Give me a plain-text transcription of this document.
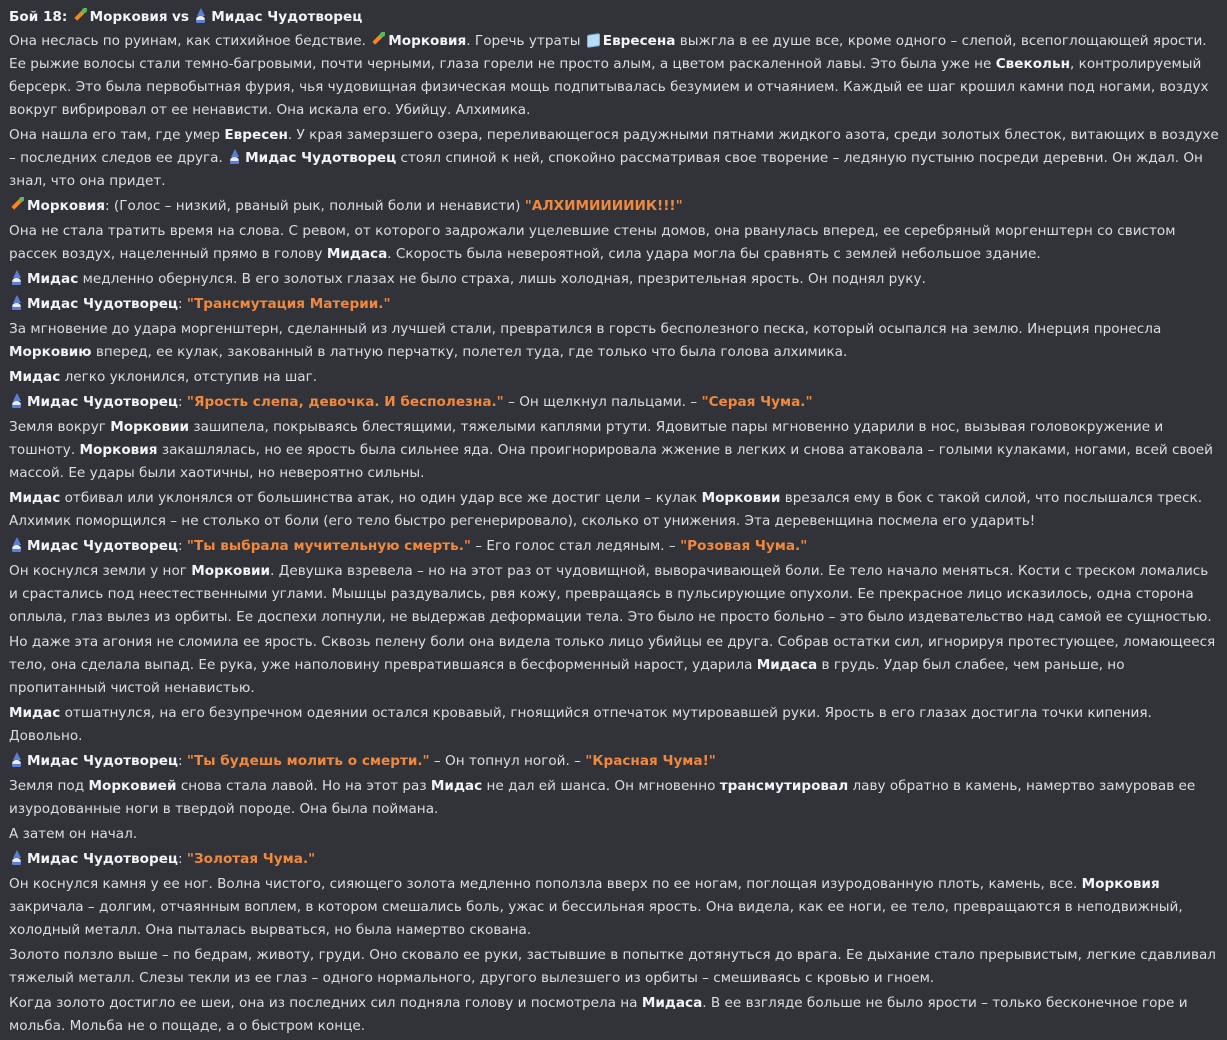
Бой 18: Морковия vs Мидас Чудотворец
Она неслась по руинам, как стихийное бедствие. Морковия. Горечь утраты Евресена выжгла в ее душе все, кроме одного – слепой, всепоглощающей ярости. Ее рыжие волосы стали темно-багровыми, почти черными, глаза горели не просто алым, а цветом раскаленной лавы. Это была уже не Свекольн, контролируемый берсерк. Это была первобытная фурия, чья чудовищная физическая мощь подпитывалась безумием и отчаянием. Каждый ее шаг крошил камни под ногами, воздух вокруг вибрировал от ее ненависти. Она искала его. Убийцу. Алхимика.
Она нашла его там, где умер Евресен. У края замерзшего озера, переливающегося радужными пятнами жидкого азота, среди золотых блесток, витающих в воздухе – последних следов ее друга. Мидас Чудотворец стоял спиной к ней, спокойно рассматривая свое творение – ледяную пустыню посреди деревни. Он ждал. Он знал, что она придет.
Морковия: (Голос – низкий, рваный рык, полный боли и ненависти) "АЛХИМИИИИИК!!!"
Она не стала тратить время на слова. С ревом, от которого задрожали уцелевшие стены домов, она рванулась вперед, ее серебряный моргенштерн со свистом рассек воздух, нацеленный прямо в голову Мидаса. Скорость была невероятной, сила удара могла бы сравнять с землей небольшое здание.
Мидас медленно обернулся. В его золотых глазах не было страха, лишь холодная, презрительная ярость. Он поднял руку.
Мидас Чудотворец: "Трансмутация Материи."
За мгновение до удара моргенштерн, сделанный из лучшей стали, превратился в горсть бесполезного песка, который осыпался на землю. Инерция пронесла Морковию вперед, ее кулак, закованный в латную перчатку, полетел туда, где только что была голова алхимика.
Мидас легко уклонился, отступив на шаг.
Мидас Чудотворец: "Ярость слепа, девочка. И бесполезна." – Он щелкнул пальцами. – "Серая Чума."
Земля вокруг Морковии зашипела, покрываясь блестящими, тяжелыми каплями ртути. Ядовитые пары мгновенно ударили в нос, вызывая головокружение и тошноту. Морковия закашлялась, но ее ярость была сильнее яда. Она проигнорировала жжение в легких и снова атаковала – голыми кулаками, ногами, всей своей массой. Ее удары были хаотичны, но невероятно сильны.
Мидас отбивал или уклонялся от большинства атак, но один удар все же достиг цели – кулак Морковии врезался ему в бок с такой силой, что послышался треск. Алхимик поморщился – не столько от боли (его тело быстро регенерировало), сколько от унижения. Эта деревенщина посмела его ударить!
Мидас Чудотворец: "Ты выбрала мучительную смерть." – Его голос стал ледяным. – "Розовая Чума."
Он коснулся земли у ног Морковии. Девушка взревела – но на этот раз от чудовищной, выворачивающей боли. Ее тело начало меняться. Кости с треском ломались и срастались под неестественными углами. Мышцы раздувались, рвя кожу, превращаясь в пульсирующие опухоли. Ее прекрасное лицо исказилось, одна сторона оплыла, глаз вылез из орбиты. Ее доспехи лопнули, не выдержав деформации тела. Это было не просто больно – это было издевательство над самой ее сущностью.
Но даже эта агония не сломила ее ярость. Сквозь пелену боли она видела только лицо убийцы ее друга. Собрав остатки сил, игнорируя протестующее, ломающееся тело, она сделала выпад. Ее рука, уже наполовину превратившаяся в бесформенный нарост, ударила Мидаса в грудь. Удар был слабее, чем раньше, но пропитанный чистой ненавистью.
Мидас отшатнулся, на его безупречном одеянии остался кровавый, гноящийся отпечаток мутировавшей руки. Ярость в его глазах достигла точки кипения. Довольно.
Мидас Чудотворец: "Ты будешь молить о смерти." – Он топнул ногой. – "Красная Чума!"
Земля под Морковией снова стала лавой. Но на этот раз Мидас не дал ей шанса. Он мгновенно трансмутировал лаву обратно в камень, намертво замуровав ее изуродованные ноги в твердой породе. Она была поймана.
А затем он начал.
Мидас Чудотворец: "Золотая Чума."
Он коснулся камня у ее ног. Волна чистого, сияющего золота медленно поползла вверх по ее ногам, поглощая изуродованную плоть, камень, все. Морковия закричала – долгим, отчаянным воплем, в котором смешались боль, ужас и бессильная ярость. Она видела, как ее ноги, ее тело, превращаются в неподвижный, холодный металл. Она пыталась вырваться, но была намертво скована.
Золото ползло выше – по бедрам, животу, груди. Оно сковало ее руки, застывшие в попытке дотянуться до врага. Ее дыхание стало прерывистым, легкие сдавливал тяжелый металл. Слезы текли из ее глаз – одного нормального, другого вылезшего из орбиты – смешиваясь с кровью и гноем.
Когда золото достигло ее шеи, она из последних сил подняла голову и посмотрела на Мидаса. В ее взгляде больше не было ярости – только бесконечное горе и мольба. Мольба не о пощаде, а о быстром конце.
